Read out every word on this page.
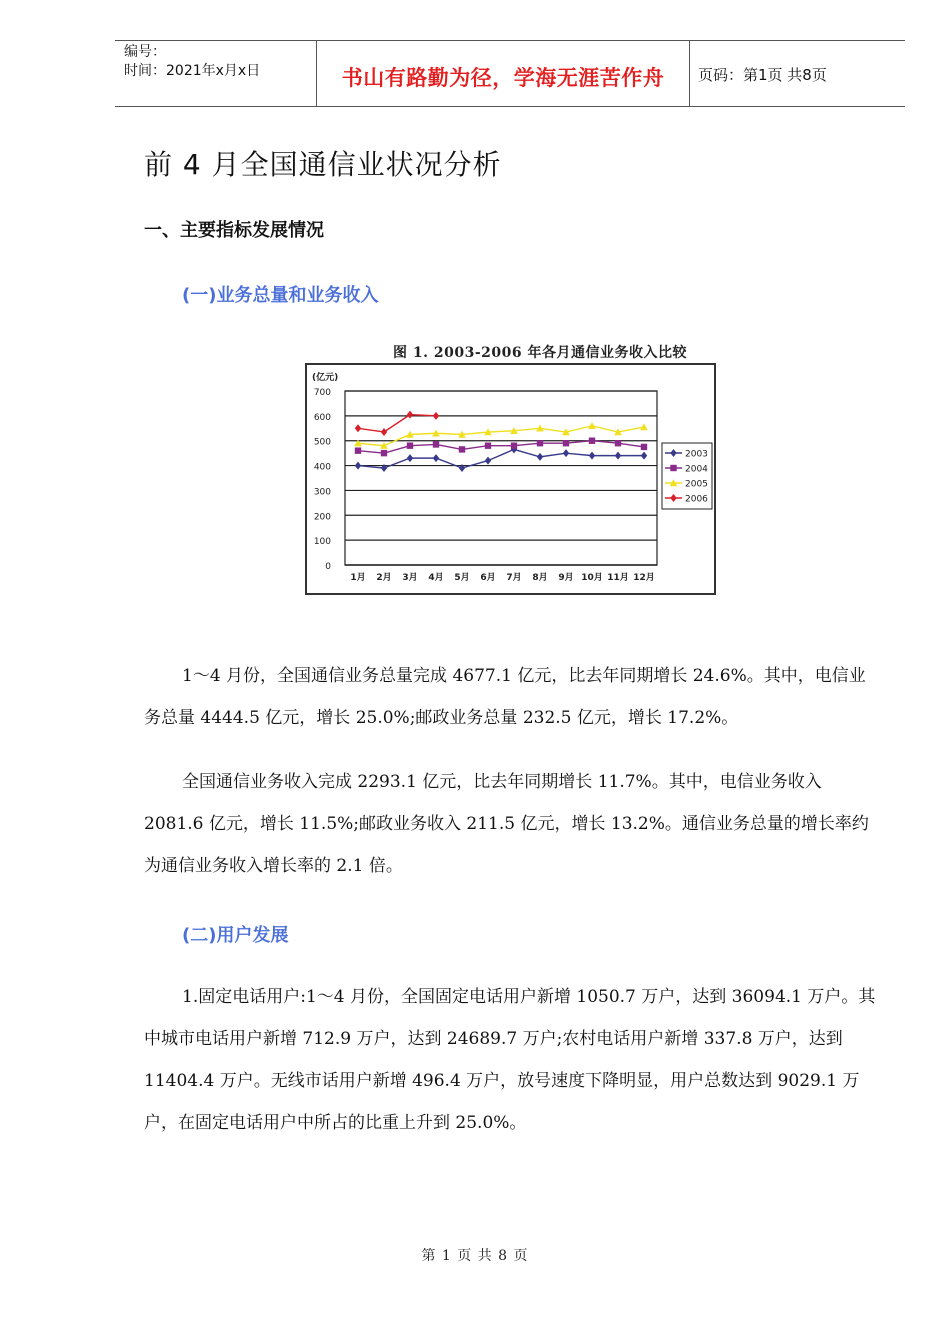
编号：
时间：2021年x月x日	书山有路勤为径，学海无涯苦作舟	页码：第1页 共8页
前 4 月全国通信业状况分析
一、主要指标发展情况
(一)业务总量和业务收入
图 1. 2003-2006 年各月通信业务收入比较
0
100
200
300
400
500
600
700
(亿元)
1月 2月 3月 4月 5月 6月 7月 8月 9月 10月 11月 12月
2003
2004
2005
2006
1～4 月份，全国通信业务总量完成 4677.1 亿元，比去年同期增长 24.6%。其中，电信业务总量 4444.5 亿元，增长 25.0%;邮政业务总量 232.5 亿元，增长 17.2%。
全国通信业务收入完成 2293.1 亿元，比去年同期增长 11.7%。其中，电信业务收入 2081.6 亿元，增长 11.5%;邮政业务收入 211.5 亿元，增长 13.2%。通信业务总量的增长率约为通信业务收入增长率的 2.1 倍。
(二)用户发展
1.固定电话用户:1～4 月份，全国固定电话用户新增 1050.7 万户，达到 36094.1 万户。其中城市电话用户新增 712.9 万户，达到 24689.7 万户;农村电话用户新增 337.8 万户，达到 11404.4 万户。无线市话用户新增 496.4 万户，放号速度下降明显，用户总数达到 9029.1 万户，在固定电话用户中所占的比重上升到 25.0%。
第 1 页 共 8 页
